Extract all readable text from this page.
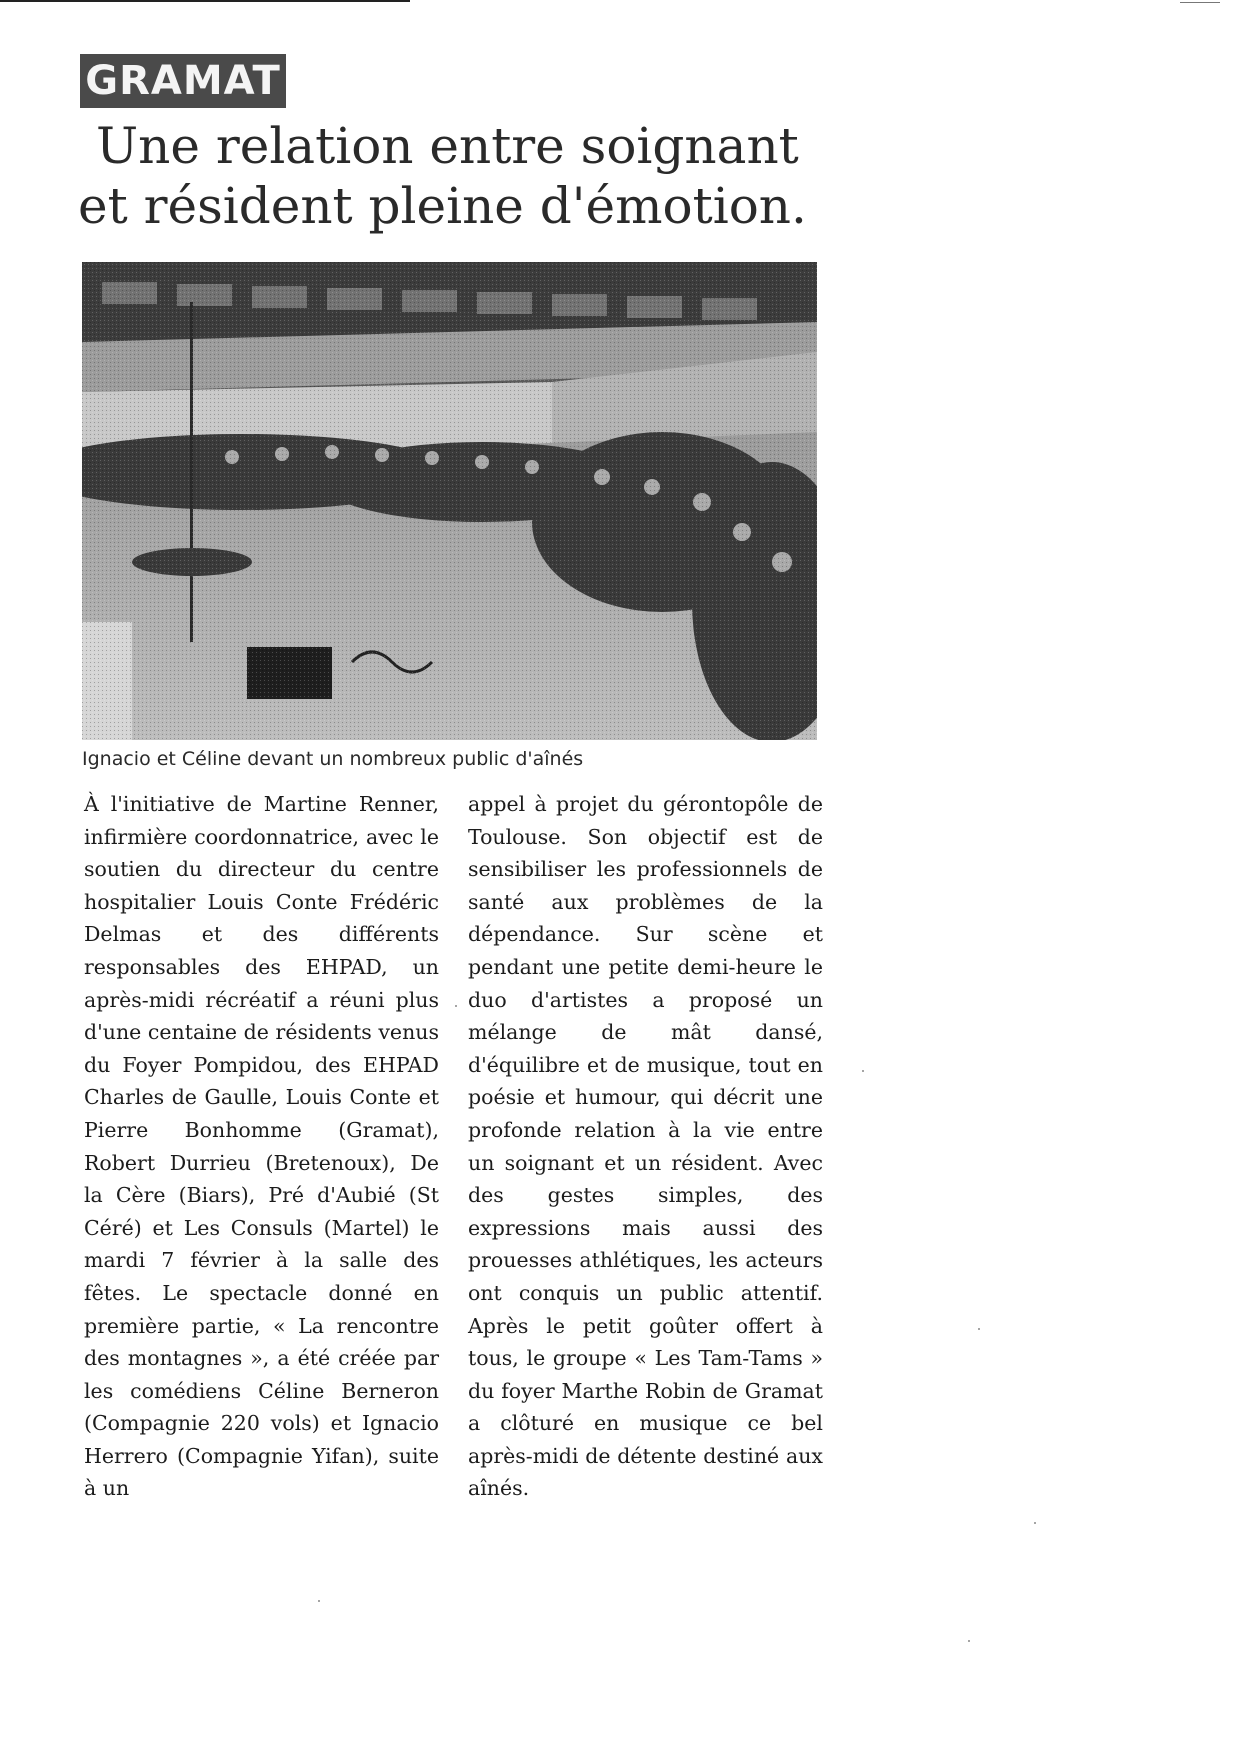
GRAMAT
Une relation entre soignant
et résident pleine d'émotion.
Ignacio et Céline devant un nombreux public d'aînés
À l'initiative de Martine Renner, infirmière coordonnatrice, avec le soutien du directeur du centre hospitalier Louis Conte Frédéric Delmas et des différents responsables des EHPAD, un après-midi récréatif a réuni plus d'une centaine de résidents venus du Foyer Pompidou, des EHPAD Charles de Gaulle, Louis Conte et Pierre Bonhomme (Gramat), Robert Durrieu (Bretenoux), De la Cère (Biars), Pré d'Aubié (St Céré) et Les Consuls (Martel) le mardi 7 février à la salle des fêtes. Le spectacle donné en première partie, « La rencontre des montagnes », a été créée par les comédiens Céline Berneron (Compagnie 220 vols) et Ignacio Herrero (Compagnie Yifan), suite à un
appel à projet du gérontopôle de Toulouse. Son objectif est de sensibiliser les professionnels de santé aux problèmes de la dépendance. Sur scène et pendant une petite demi-heure le duo d'artistes a proposé un mélange de mât dansé, d'équilibre et de musique, tout en poésie et humour, qui décrit une profonde relation à la vie entre un soignant et un résident. Avec des gestes simples, des expressions mais aussi des prouesses athlétiques, les acteurs ont conquis un public attentif. Après le petit goûter offert à tous, le groupe « Les Tam-Tams » du foyer Marthe Robin de Gramat a clôturé en musique ce bel après-midi de détente destiné aux aînés.
